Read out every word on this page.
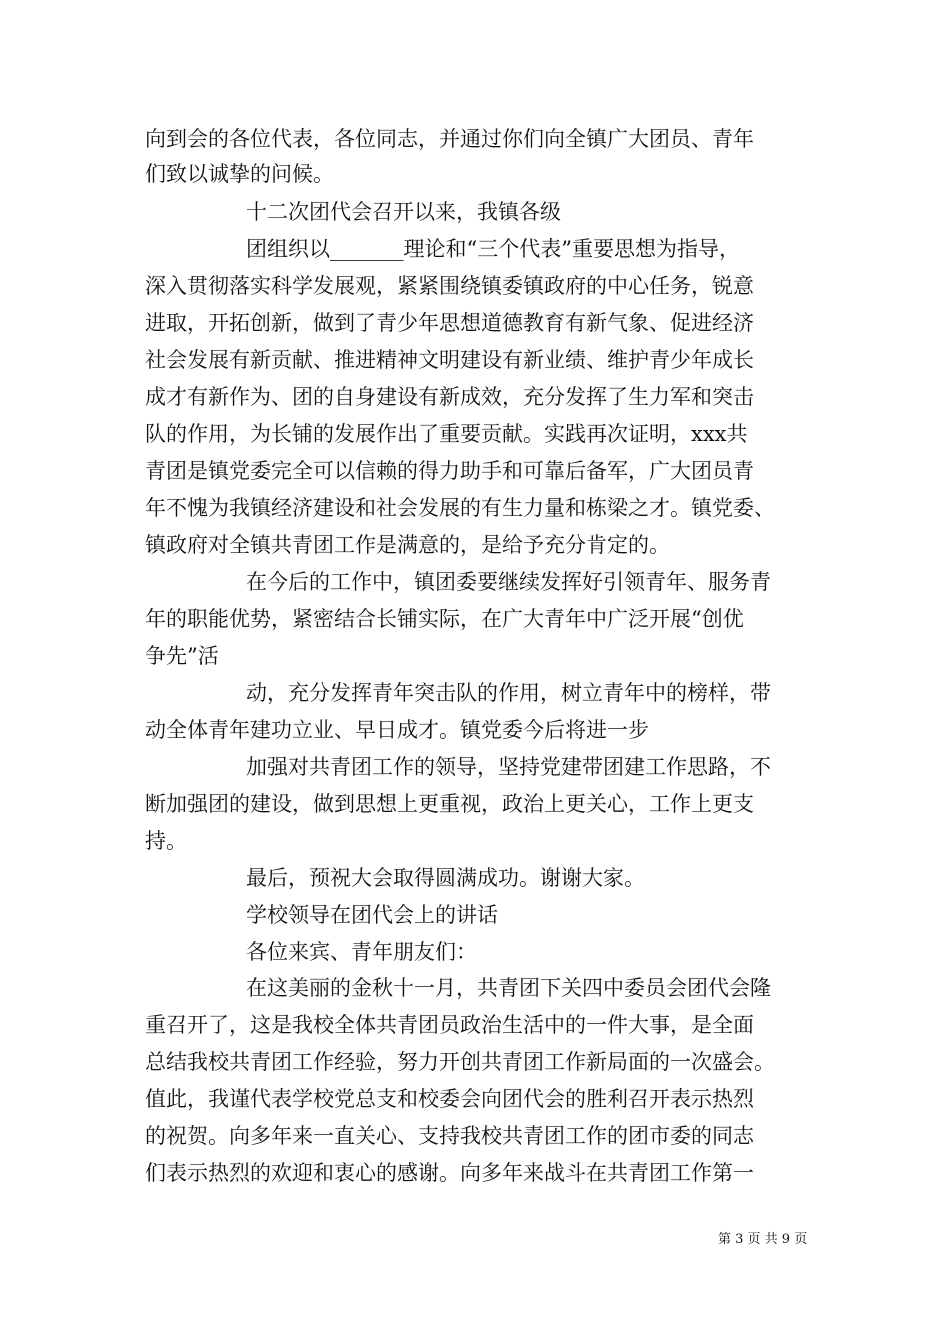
向到会的各位代表，各位同志，并通过你们向全镇广大团员、青年
们致以诚挚的问候。
十二次团代会召开以来，我镇各级
团组织以_______理论和“三个代表”重要思想为指导，
深入贯彻落实科学发展观，紧紧围绕镇委镇政府的中心任务，锐意
进取，开拓创新，做到了青少年思想道德教育有新气象、促进经济
社会发展有新贡献、推进精神文明建设有新业绩、维护青少年成长
成才有新作为、团的自身建设有新成效，充分发挥了生力军和突击
队的作用，为长铺的发展作出了重要贡献。实践再次证明，xxx共
青团是镇党委完全可以信赖的得力助手和可靠后备军，广大团员青
年不愧为我镇经济建设和社会发展的有生力量和栋梁之才。镇党委、
镇政府对全镇共青团工作是满意的，是给予充分肯定的。
在今后的工作中，镇团委要继续发挥好引领青年、服务青
年的职能优势，紧密结合长铺实际，在广大青年中广泛开展“创优
争先”活
动，充分发挥青年突击队的作用，树立青年中的榜样，带
动全体青年建功立业、早日成才。镇党委今后将进一步
加强对共青团工作的领导，坚持党建带团建工作思路，不
断加强团的建设，做到思想上更重视，政治上更关心，工作上更支
持。
最后，预祝大会取得圆满成功。谢谢大家。
学校领导在团代会上的讲话
各位来宾、青年朋友们：
在这美丽的金秋十一月，共青团下关四中委员会团代会隆
重召开了，这是我校全体共青团员政治生活中的一件大事，是全面
总结我校共青团工作经验，努力开创共青团工作新局面的一次盛会。
值此，我谨代表学校党总支和校委会向团代会的胜利召开表示热烈
的祝贺。向多年来一直关心、支持我校共青团工作的团市委的同志
们表示热烈的欢迎和衷心的感谢。向多年来战斗在共青团工作第一
第 3 页 共 9 页
